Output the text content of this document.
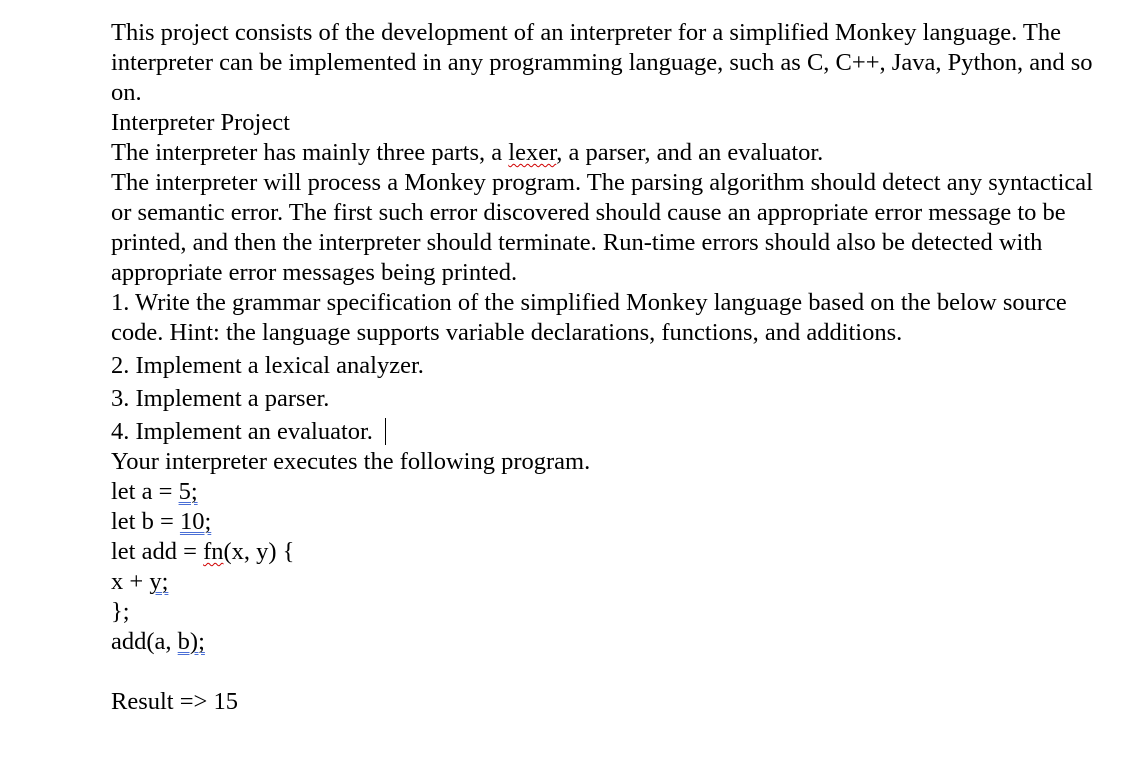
This project consists of the development of an interpreter for a simplified Monkey language. The interpreter can be implemented in any programming language, such as C, C++, Java, Python, and so on.

Interpreter Project

The interpreter has mainly three parts, a lexer, a parser, and an evaluator.

The interpreter will process a Monkey program. The parsing algorithm should detect any syntactical or semantic error. The first such error discovered should cause an appropriate error message to be printed, and then the interpreter should terminate. Run-time errors should also be detected with appropriate error messages being printed.

1. Write the grammar specification of the simplified Monkey language based on the below source code. Hint: the language supports variable declarations, functions, and additions.

2. Implement a lexical analyzer.

3. Implement a parser.

4. Implement an evaluator.

Your interpreter executes the following program.

let a = 5;

let b = 10;

let add = fn(x, y) {

x + y;

};

add(a, b);

Result => 15
